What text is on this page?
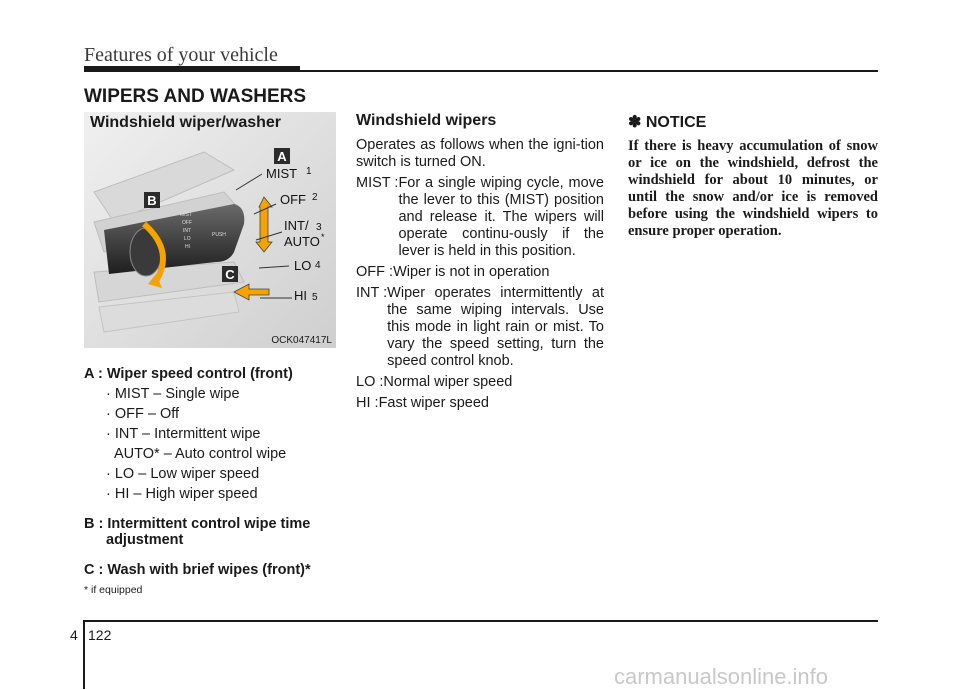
Features of your vehicle
WIPERS AND WASHERS
MIST
OFF
INT
LO
HI
PUSH
A
B
C
MIST 1
OFF 2
INT/ 3
AUTO *
LO 4
HI 5
Windshield wiper/washer
OCK047417L
A : Wiper speed control (front)
· MIST – Single wipe
· OFF – Off
· INT – Intermittent wipe
AUTO* – Auto control wipe
· LO – Low wiper speed
· HI – High wiper speed
B : Intermittent control wipe time adjustment
C : Wash with brief wipes (front)*
* if equipped
Windshield wipers
Operates as follows when the igni-tion switch is turned ON.
MIST : For a single wiping cycle, move the lever to this (MIST) position and release it. The wipers will operate continu-ously if the lever is held in this position.
OFF : Wiper is not in operation
INT : Wiper operates intermittently at the same wiping intervals. Use this mode in light rain or mist. To vary the speed setting, turn the speed control knob.
LO : Normal wiper speed
HI : Fast wiper speed
✽ NOTICE
If there is heavy accumulation of snow or ice on the windshield, defrost the windshield for about 10 minutes, or until the snow and/or ice is removed before using the windshield wipers to ensure proper operation.
4 122
carmanualsonline.info
